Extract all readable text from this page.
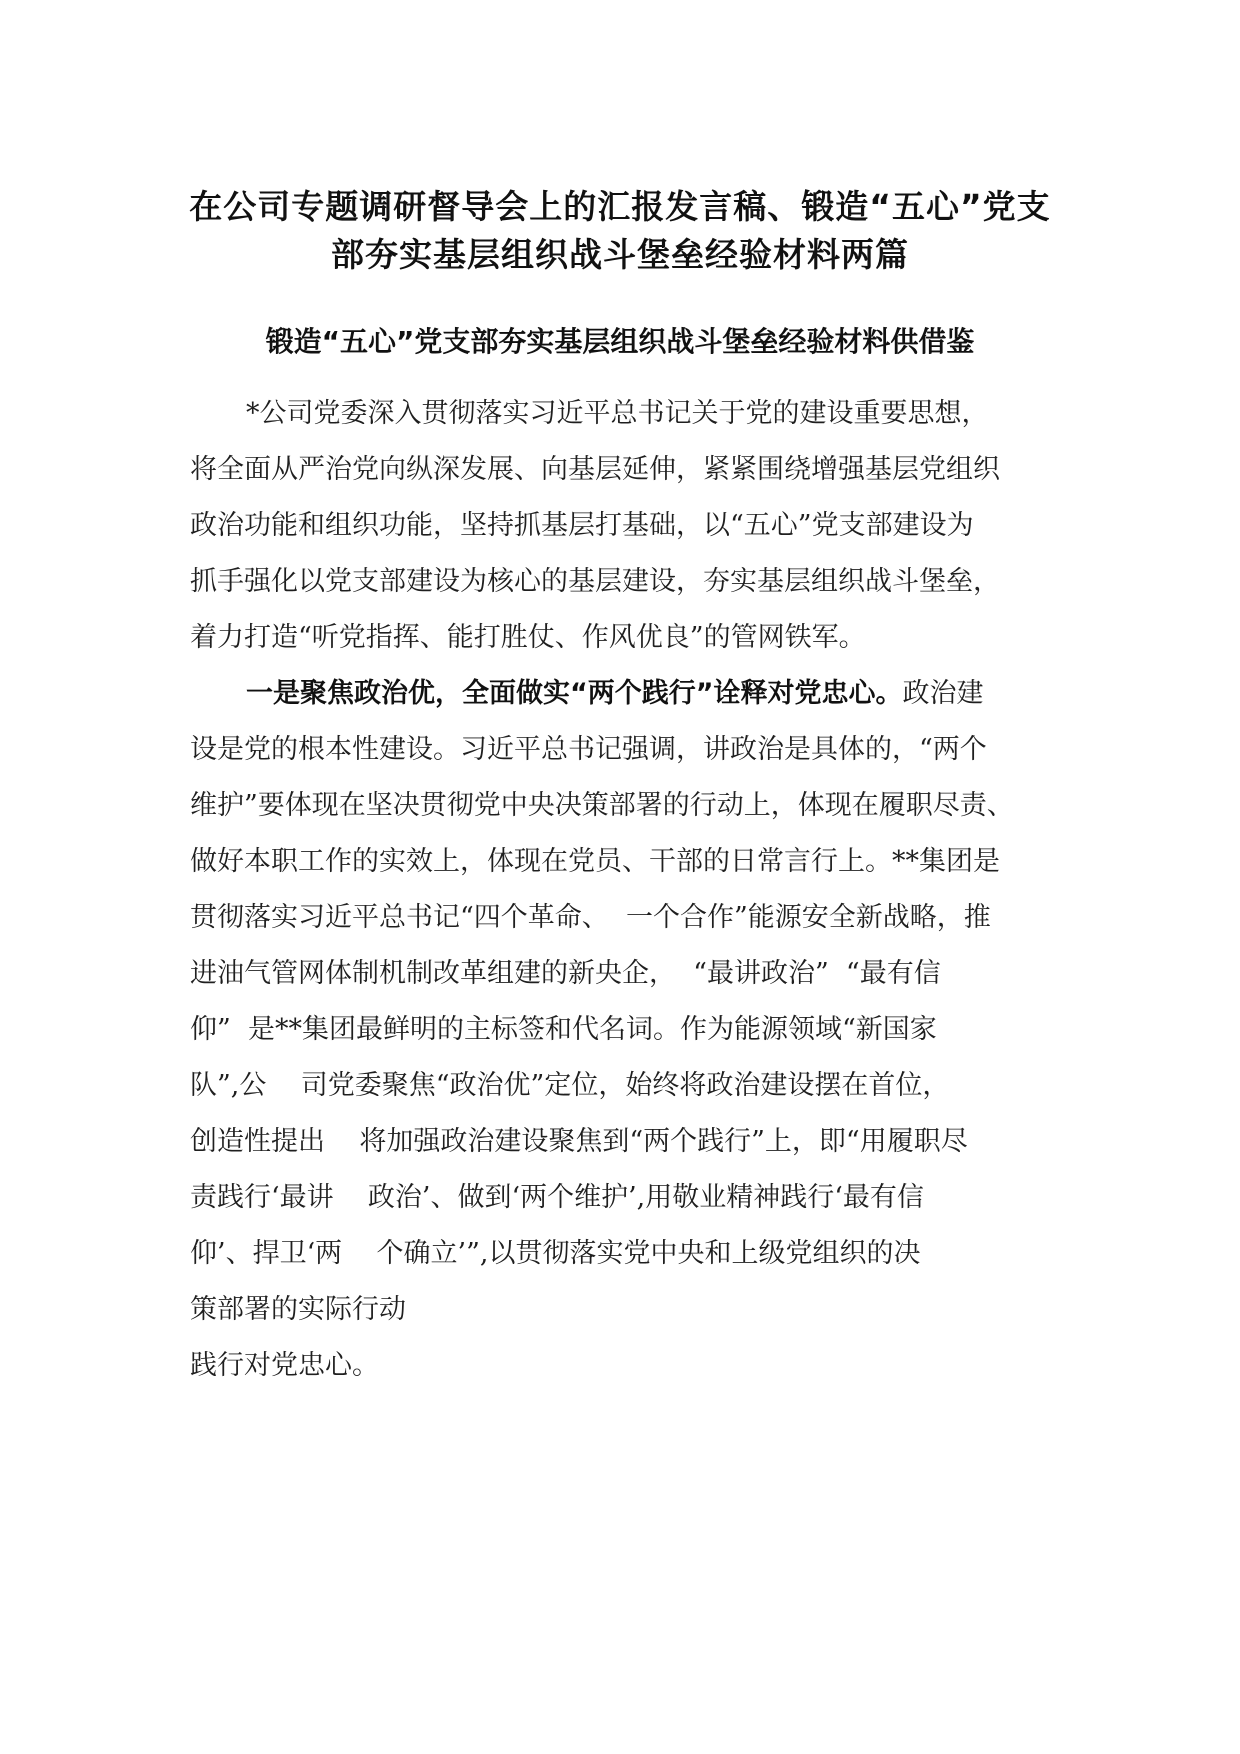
在公司专题调研督导会上的汇报发言稿、锻造“五心”党支
部夯实基层组织战斗堡垒经验材料两篇
锻造“五心”党支部夯实基层组织战斗堡垒经验材料供借鉴
*公司党委深入贯彻落实习近平总书记关于党的建设重要思想，
将全面从严治党向纵深发展、向基层延伸，紧紧围绕增强基层党组织
政治功能和组织功能，坚持抓基层打基础，以“五心”党支部建设为
抓手强化以党支部建设为核心的基层建设，夯实基层组织战斗堡垒，
着力打造“听党指挥、能打胜仗、作风优良”的管网铁军。
一是聚焦政治优，全面做实“两个践行”诠释对党忠心。政治建
设是党的根本性建设。习近平总书记强调，讲政治是具体的，“两个
维护”要体现在坚决贯彻党中央决策部署的行动上，体现在履职尽责、
做好本职工作的实效上，体现在党员、干部的日常言行上。**集团是
贯彻落实习近平总书记“四个革命、  一个合作”能源安全新战略，推
进油气管网体制机制改革组建的新央企，  “最讲政治”  “最有信
仰”  是**集团最鲜明的主标签和代名词。作为能源领域“新国家
队”,公    司党委聚焦“政治优”定位，始终将政治建设摆在首位，
创造性提出    将加强政治建设聚焦到“两个践行”上，即“用履职尽
责践行‘最讲    政治’、做到‘两个维护’,用敬业精神践行‘最有信
仰’、捍卫‘两    个确立’”,以贯彻落实党中央和上级党组织的决
策部署的实际行动
践行对党忠心。
